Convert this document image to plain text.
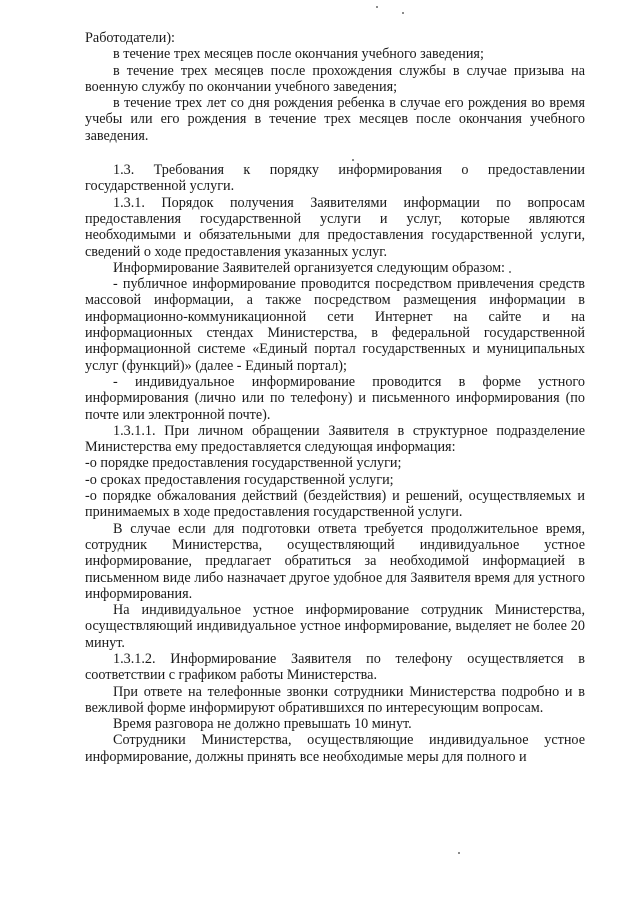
Работодатели):

в течение трех месяцев после окончания учебного заведения;

в течение трех месяцев после прохождения службы в случае призыва на военную службу по окончании учебного заведения;

в течение трех лет со дня рождения ребенка в случае его рождения во время учебы или его рождения в течение трех месяцев после окончания учебного заведения.

1.3. Требования к порядку информирования о предоставлении государственной услуги.

1.3.1. Порядок получения Заявителями информации по вопросам предоставления государственной услуги и услуг, которые являются необходимыми и обязательными для предоставления государственной услуги, сведений о ходе предоставления указанных услуг.

Информирование Заявителей организуется следующим образом:

- публичное информирование проводится посредством привлечения средств массовой информации, а также посредством размещения информации в информационно-коммуникационной сети Интернет на сайте и на информационных стендах Министерства, в федеральной государственной информационной системе «Единый портал государственных и муниципальных услуг (функций)» (далее - Единый портал);

- индивидуальное информирование проводится в форме устного информирования (лично или по телефону) и письменного информирования (по почте или электронной почте).

1.3.1.1. При личном обращении Заявителя в структурное подразделение Министерства ему предоставляется следующая информация:

-о порядке предоставления государственной услуги;

-о сроках предоставления государственной услуги;

-о порядке обжалования действий (бездействия) и решений, осуществляемых и принимаемых в ходе предоставления государственной услуги.

В случае если для подготовки ответа требуется продолжительное время, сотрудник Министерства, осуществляющий индивидуальное устное информирование, предлагает обратиться за необходимой информацией в письменном виде либо назначает другое удобное для Заявителя время для устного информирования.

На индивидуальное устное информирование сотрудник Министерства, осуществляющий индивидуальное устное информирование, выделяет не более 20 минут.

1.3.1.2. Информирование Заявителя по телефону осуществляется в соответствии с графиком работы Министерства.

При ответе на телефонные звонки сотрудники Министерства подробно и в вежливой форме информируют обратившихся по интересующим вопросам.

Время разговора не должно превышать 10 минут.

Сотрудники Министерства, осуществляющие индивидуальное устное информирование, должны принять все необходимые меры для полного и
